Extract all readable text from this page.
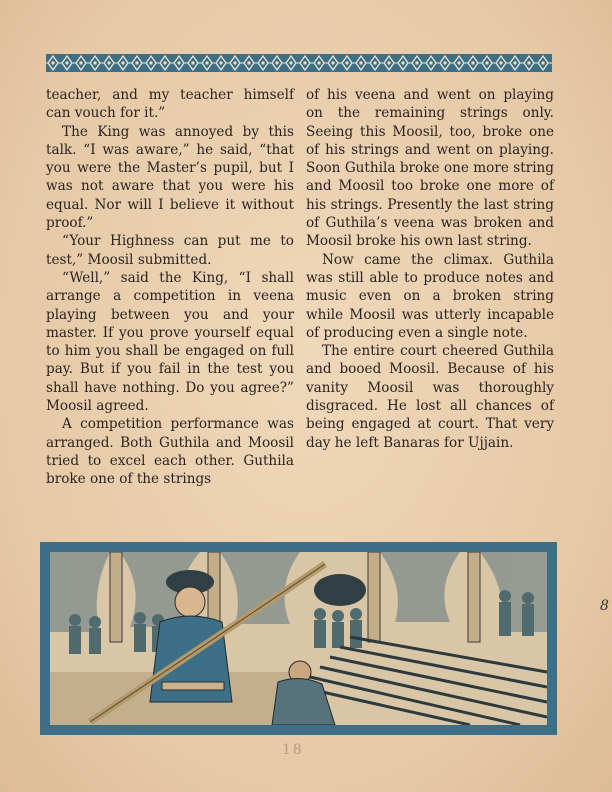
teacher, and my teacher himself can vouch for it.”

The King was annoyed by this talk. “I was aware,” he said, “that you were the Master’s pupil, but I was not aware that you were his equal. Nor will I believe it without proof.”

“Your Highness can put me to test,” Moosil submitted.

“Well,” said the King, “I shall arrange a competition in veena playing between you and your master. If you prove yourself equal to him you shall be engaged on full pay. But if you fail in the test you shall have nothing. Do you agree?” Moosil agreed.

A competition performance was arranged. Both Guthila and Moosil tried to excel each other. Guthila broke one of the strings

of his veena and went on playing on the remaining strings only. Seeing this Moosil, too, broke one of his strings and went on playing. Soon Guthila broke one more string and Moosil too broke one more of his strings. Presently the last string of Guthila’s veena was broken and Moosil broke his own last string.

Now came the climax. Guthila was still able to produce notes and music even on a broken string while Moosil was utterly incapable of producing even a single note.

The entire court cheered Guthila and booed Moosil. Because of his vanity Moosil was thoroughly disgraced. He lost all chances of being engaged at court. That very day he left Banaras for Ujjain.

18
8
